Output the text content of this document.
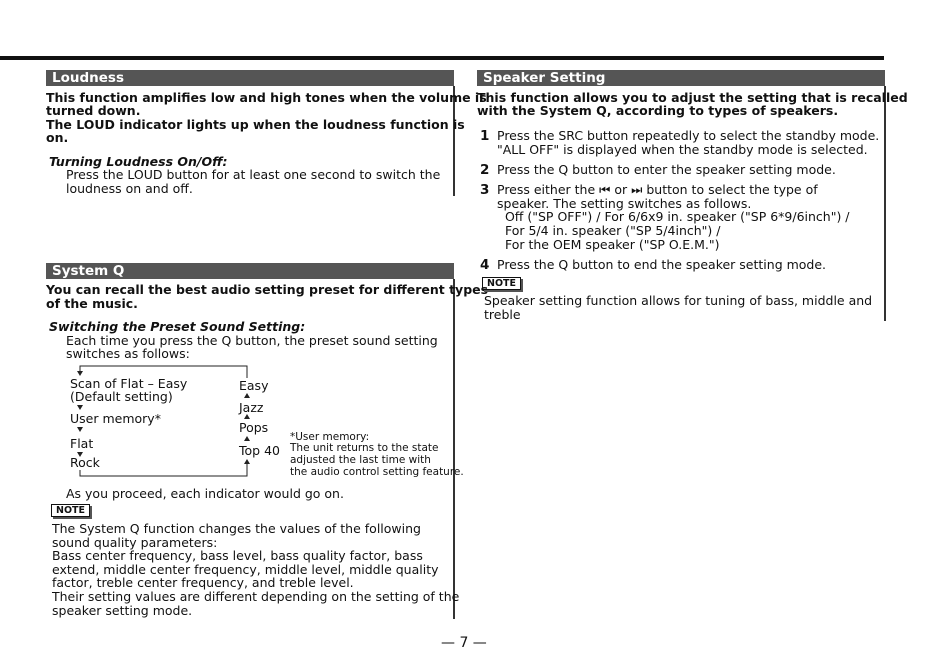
Loudness
This function amplifies low and high tones when the volume is
turned down.
The LOUD indicator lights up when the loudness function is
on.
Turning Loudness On/Off:
Press the LOUD button for at least one second to switch the
loudness on and off.
System Q
You can recall the best audio setting preset for different types
of the music.
Switching the Preset Sound Setting:
Each time you press the Q button, the preset sound setting
switches as follows:
Scan of Flat – Easy
(Default setting)
User memory*
Flat
Rock
Easy
Jazz
Pops
Top 40
*User memory:
The unit returns to the state
adjusted the last time with
the audio control setting feature.
As you proceed, each indicator would go on.
NOTE
The System Q function changes the values of the following
sound quality parameters:
Bass center frequency, bass level, bass quality factor, bass
extend, middle center frequency, middle level, middle quality
factor, treble center frequency, and treble level.
Their setting values are different depending on the setting of the
speaker setting mode.
Speaker Setting
This function allows you to adjust the setting that is recalled
with the System Q, according to types of speakers.
1 Press the SRC button repeatedly to select the standby mode.
"ALL OFF" is displayed when the standby mode is selected.
2 Press the Q button to enter the speaker setting mode.
3 Press either the ⏮ or ⏭ button to select the type of
speaker. The setting switches as follows.
Off ("SP OFF") / For 6/6x9 in. speaker ("SP 6*9/6inch") /
For 5/4 in. speaker ("SP 5/4inch") /
For the OEM speaker ("SP O.E.M.")
4 Press the Q button to end the speaker setting mode.
NOTE
Speaker setting function allows for tuning of bass, middle and
treble
— 7 —
